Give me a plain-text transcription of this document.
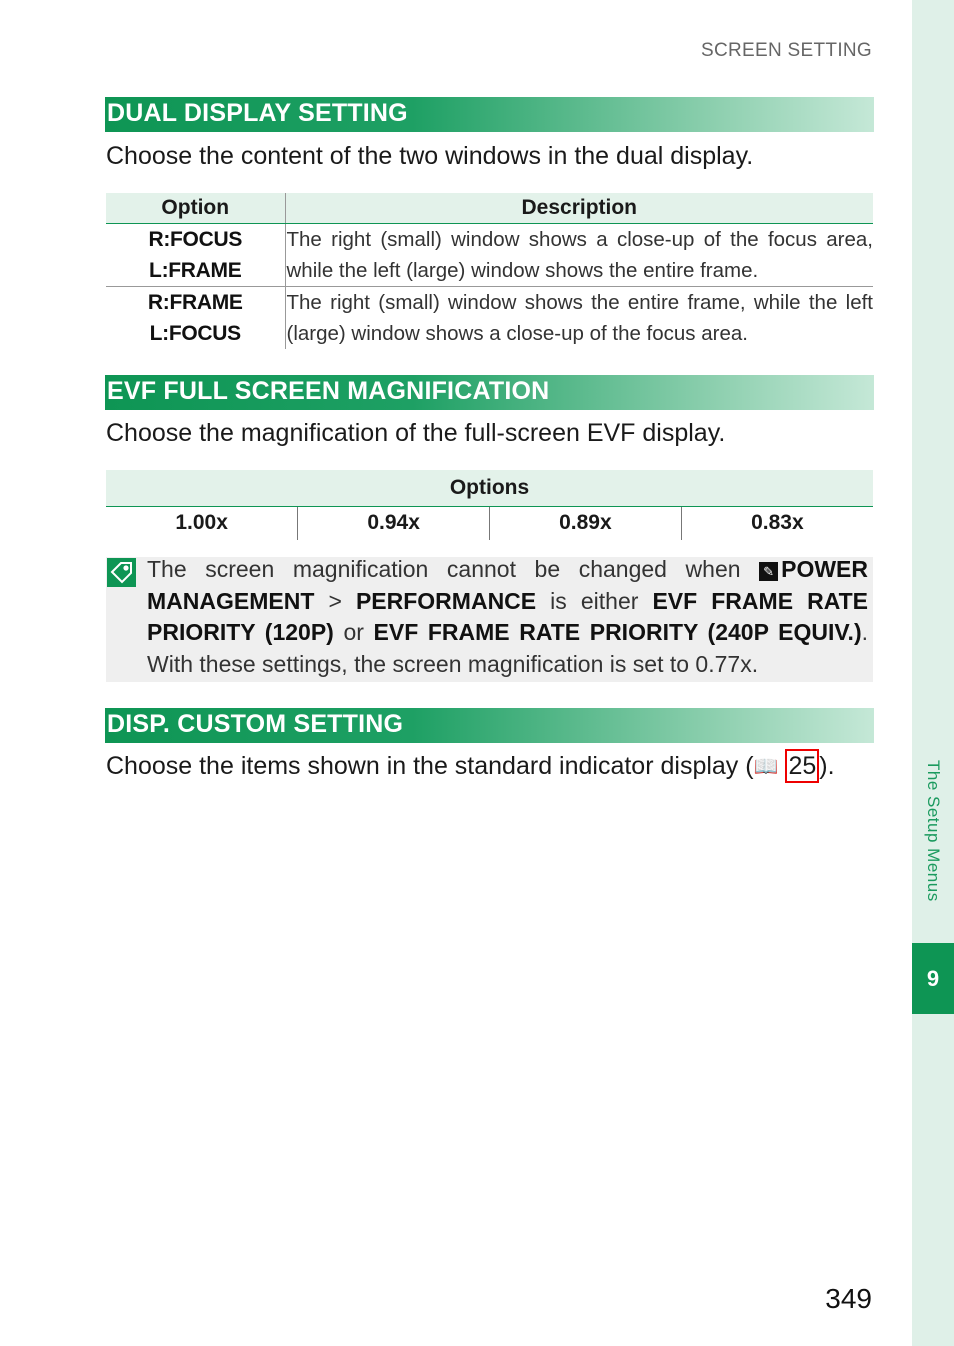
The Setup Menus
9
SCREEN SETTING
DUAL DISPLAY SETTING
Choose the content of the two windows in the dual display.
Option	Description
R:FOCUS L:FRAME	The right (small) window shows a close-up of the focus area, while the left (large) window shows the entire frame.
R:FRAME L:FOCUS	The right (small) window shows the entire frame, while the left (large) window shows a close-up of the focus area.
EVF FULL SCREEN MAGNIFICATION
Choose the magnification of the full-screen EVF display.
Options
1.00x	0.94x	0.89x	0.83x
The screen magnification cannot be changed when ✎ POWER MANAGEMENT > PERFORMANCE is either EVF FRAME RATE PRIORITY (120P) or EVF FRAME RATE PRIORITY (240P EQUIV.). With these settings, the screen magnification is set to 0.77x.
DISP. CUSTOM SETTING
Choose the items shown in the standard indicator display (📖 25 ).
349
